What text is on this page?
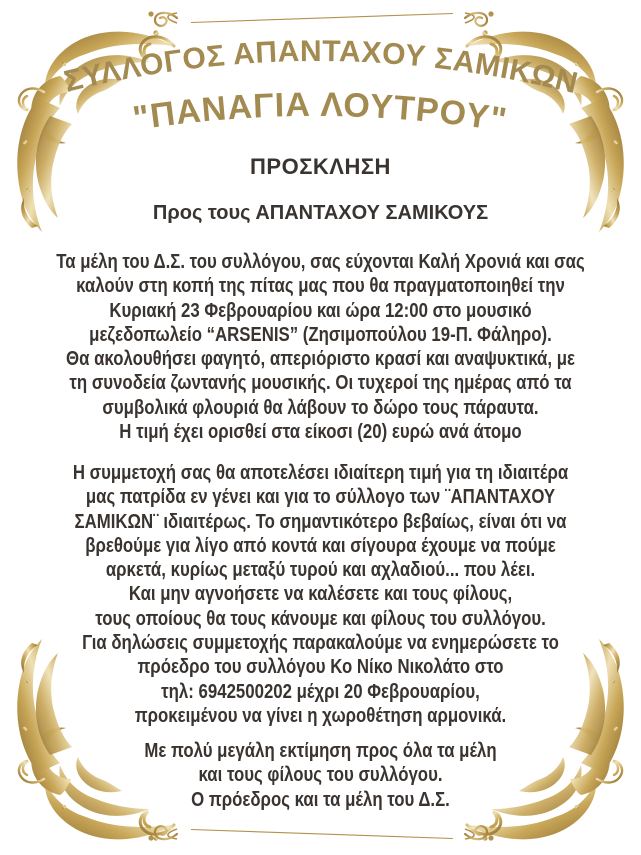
ΣΥΛΛΟΓΟΣ ΑΠΑΝΤΑΧΟΥ ΣΑΜΙΚΩΝ
"ΠΑΝΑΓΙΑ ΛΟΥΤΡΟΥ"
ΠΡΟΣΚΛΗΣΗ
Προς τους ΑΠΑΝΤΑΧΟΥ ΣΑΜΙΚΟΥΣ
Τα μέλη του Δ.Σ. του συλλόγου, σας εύχονται Καλή Χρονιά και σας
καλούν στη κοπή της πίτας μας που θα πραγματοποιηθεί την
Κυριακή 23 Φεβρουαρίου και ώρα 12:00 στο μουσικό
μεζεδοπωλείο “ARSENIS” (Ζησιμοπούλου 19-Π. Φάληρο).
Θα ακολουθήσει φαγητό, απεριόριστο κρασί και αναψυκτικά, με
τη συνοδεία ζωντανής μουσικής. Οι τυχεροί της ημέρας από τα
συμβολικά φλουριά θα λάβουν το δώρο τους πάραυτα.
Η τιμή έχει ορισθεί στα είκοσι (20) ευρώ ανά άτομο
Η συμμετοχή σας θα αποτελέσει ιδιαίτερη τιμή για τη ιδιαιτέρα
μας πατρίδα εν γένει και για το σύλλογο των ¨ΑΠΑΝΤΑΧΟΥ
ΣΑΜΙΚΩΝ¨ ιδιαιτέρως. Το σημαντικότερο βεβαίως, είναι ότι να
βρεθούμε για λίγο από κοντά και σίγουρα έχουμε να πούμε
αρκετά, κυρίως μεταξύ τυρού και αχλαδιού... που λέει.
Και μην αγνοήσετε να καλέσετε και τους φίλους,
τους οποίους θα τους κάνουμε και φίλους του συλλόγου.
Για δηλώσεις συμμετοχής παρακαλούμε να ενημερώσετε το
πρόεδρο του συλλόγου Κο Νίκο Νικολάτο στο
τηλ: 6942500202 μέχρι 20 Φεβρουαρίου,
προκειμένου να γίνει η χωροθέτηση αρμονικά.
Με πολύ μεγάλη εκτίμηση προς όλα τα μέλη
και τους φίλους του συλλόγου.
Ο πρόεδρος και τα μέλη του Δ.Σ.
